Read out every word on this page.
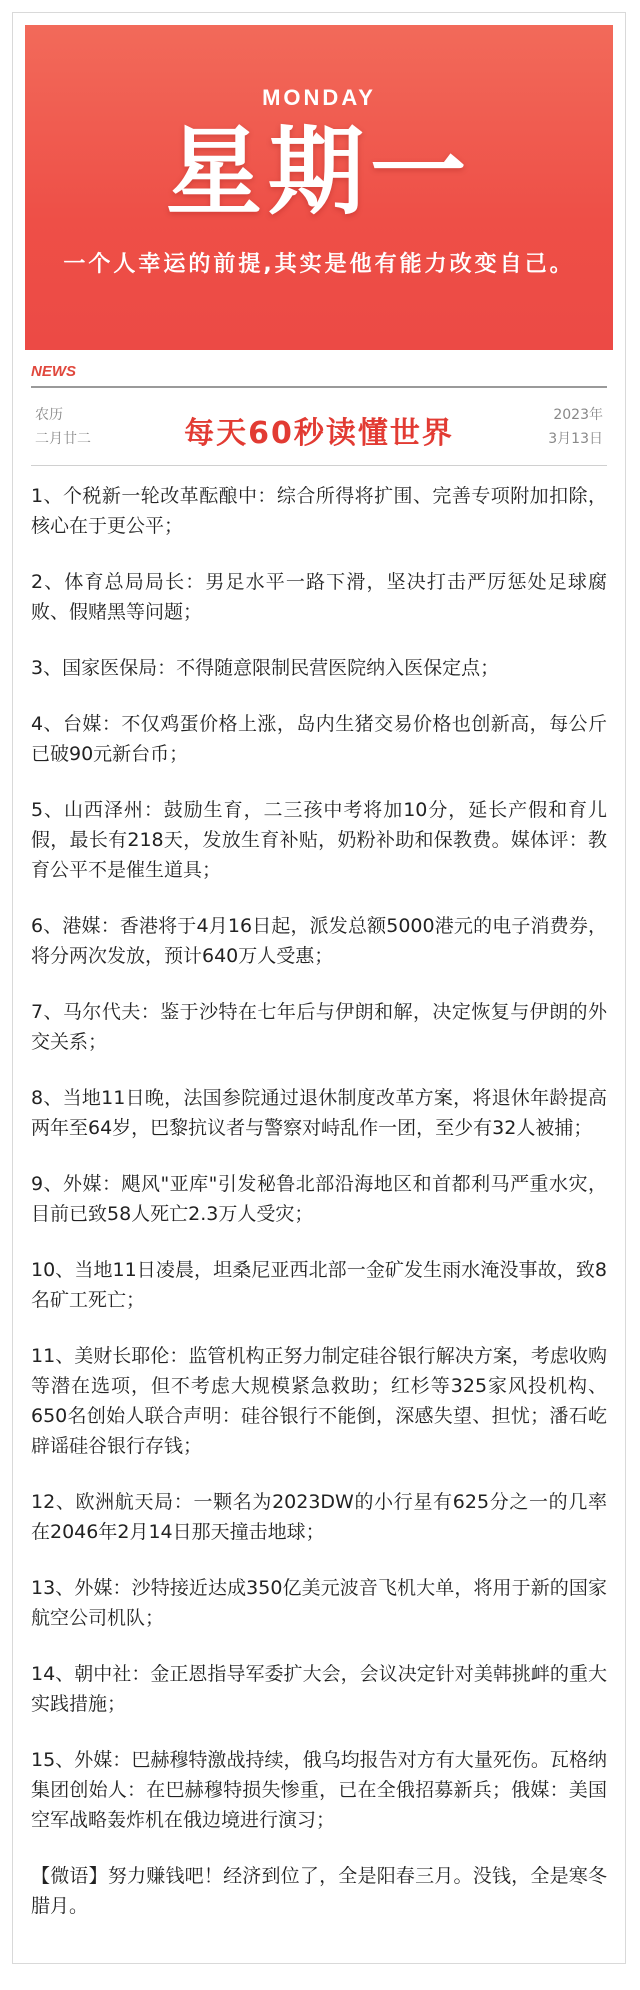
MONDAY
星期一
一个人幸运的前提,其实是他有能力改变自己。
NEWS
农历
二月廿二	每天60秒读懂世界
2023年
3月13日

1、个税新一轮改革酝酿中：综合所得将扩围、完善专项附加扣除，核心在于更公平；

2、体育总局局长：男足水平一路下滑，坚决打击严厉惩处足球腐败、假赌黑等问题；

3、国家医保局：不得随意限制民营医院纳入医保定点；

4、台媒：不仅鸡蛋价格上涨，岛内生猪交易价格也创新高，每公斤已破90元新台币；

5、山西泽州：鼓励生育，二三孩中考将加10分，延长产假和育儿假，最长有218天，发放生育补贴，奶粉补助和保教费。媒体评：教育公平不是催生道具；

6、港媒：香港将于4月16日起，派发总额5000港元的电子消费券，将分两次发放，预计640万人受惠；

7、马尔代夫：鉴于沙特在七年后与伊朗和解，决定恢复与伊朗的外交关系；

8、当地11日晚，法国参院通过退休制度改革方案，将退休年龄提高两年至64岁，巴黎抗议者与警察对峙乱作一团，至少有32人被捕；

9、外媒：飓风"亚库"引发秘鲁北部沿海地区和首都利马严重水灾，目前已致58人死亡2.3万人受灾；

10、当地11日凌晨，坦桑尼亚西北部一金矿发生雨水淹没事故，致8名矿工死亡；

11、美财长耶伦：监管机构正努力制定硅谷银行解决方案，考虑收购等潜在选项，但不考虑大规模紧急救助；红杉等325家风投机构、650名创始人联合声明：硅谷银行不能倒，深感失望、担忧；潘石屹辟谣硅谷银行存钱；

12、欧洲航天局：一颗名为2023DW的小行星有625分之一的几率在2046年2月14日那天撞击地球；

13、外媒：沙特接近达成350亿美元波音飞机大单，将用于新的国家航空公司机队；

14、朝中社：金正恩指导军委扩大会，会议决定针对美韩挑衅的重大实践措施；

15、外媒：巴赫穆特激战持续，俄乌均报告对方有大量死伤。瓦格纳集团创始人：在巴赫穆特损失惨重，已在全俄招募新兵；俄媒：美国空军战略轰炸机在俄边境进行演习；

【微语】努力赚钱吧！经济到位了，全是阳春三月。没钱，全是寒冬腊月。
